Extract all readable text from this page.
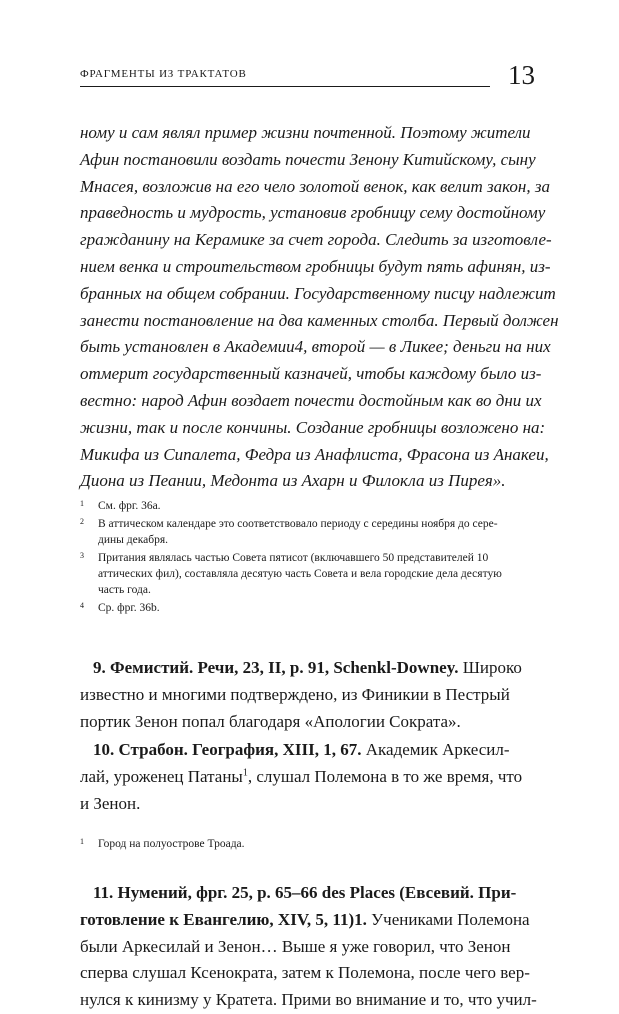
ФРАГМЕНТЫ ИЗ ТРАКТАТОВ	13
ному и сам являл пример жизни почтенной. Поэтому жители
Афин постановили воздать почести Зенону Китийскому, сыну
Мнасея, возложив на его чело золотой венок, как велит закон, за
праведность и мудрость, установив гробницу сему достойному
гражданину на Керамике за счет города. Следить за изготовле-
нием венка и строительством гробницы будут пять афинян, из-
бранных на общем собрании. Государственному писцу надлежит
занести постановление на два каменных столба. Первый должен
быть установлен в Академии4, второй — в Ликее; деньги на них
отмерит государственный казначей, чтобы каждому было из-
вестно: народ Афин воздает почести достойным как во дни их
жизни, так и после кончины. Создание гробницы возложено на:
Микифа из Сипалета, Федра из Анафлиста, Фрасона из Анакеи,
Диона из Пеании, Медонта из Ахарн и Филокла из Пирея».
1	См. фрг. 36а.
2	В аттическом календаре это соответствовало периоду с середины ноября до сере-
дины декабря.
3	Притания являлась частью Совета пятисот (включавшего 50 представителей 10
аттических фил), составляла десятую часть Совета и вела городские дела десятую
часть года.
4	Ср. фрг. 36b.
9. Фемистий. Речи, 23, II, p. 91, Schenkl-Downey. Широко
известно и многими подтверждено, из Финикии в Пестрый
портик Зенон попал благодаря «Апологии Сократа».
10. Страбон. География, XIII, 1, 67. Академик Аркесил-
лай, уроженец Патаны$^1$, слушал Полемона в то же время, что
и Зенон.
1	Город на полуострове Троада.
11. Нумений, фрг. 25, p. 65–66 des Places (Евсевий. При-
готовление к Евангелию, XIV, 5, 11)1. Учениками Полемона
были Аркесилай и Зенон… Выше я уже говорил, что Зенон
сперва слушал Ксенократа, затем к Полемона, после чего вер-
нулся к кинизму у Кратета. Прими во внимание и то, что учил-
